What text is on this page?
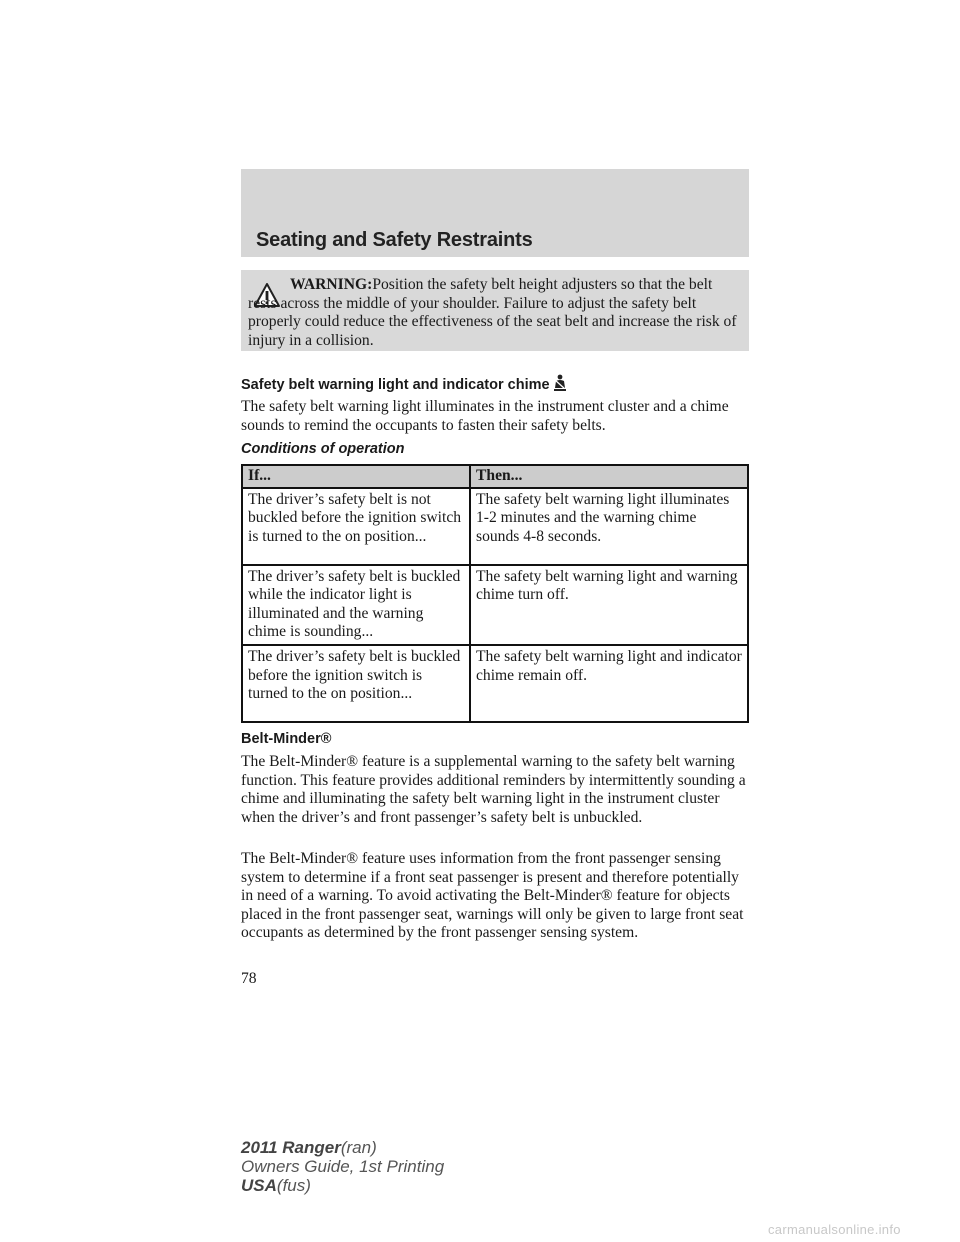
Seating and Safety Restraints
WARNING:Position the safety belt height adjusters so that the belt rests across the middle of your shoulder. Failure to adjust the safety belt properly could reduce the effectiveness of the seat belt and increase the risk of injury in a collision.
Safety belt warning light and indicator chime
The safety belt warning light illuminates in the instrument cluster and a chime sounds to remind the occupants to fasten their safety belts.
Conditions of operation
If...	Then...
The driver’s safety belt is not buckled before the ignition switch is turned to the on position...	The safety belt warning light illuminates 1-2 minutes and the warning chime sounds 4-8 seconds.
The driver’s safety belt is buckled while the indicator light is illuminated and the warning chime is sounding...	The safety belt warning light and warning chime turn off.
The driver’s safety belt is buckled before the ignition switch is turned to the on position...	The safety belt warning light and indicator chime remain off.
Belt-Minder®
The Belt-Minder® feature is a supplemental warning to the safety belt warning function. This feature provides additional reminders by intermittently sounding a chime and illuminating the safety belt warning light in the instrument cluster when the driver’s and front passenger’s safety belt is unbuckled.
The Belt-Minder® feature uses information from the front passenger sensing system to determine if a front seat passenger is present and therefore potentially in need of a warning. To avoid activating the Belt-Minder® feature for objects placed in the front passenger seat, warnings will only be given to large front seat occupants as determined by the front passenger sensing system.
78
2011 Ranger(ran)
Owners Guide, 1st Printing
USA(fus)
carmanualsonline.info
